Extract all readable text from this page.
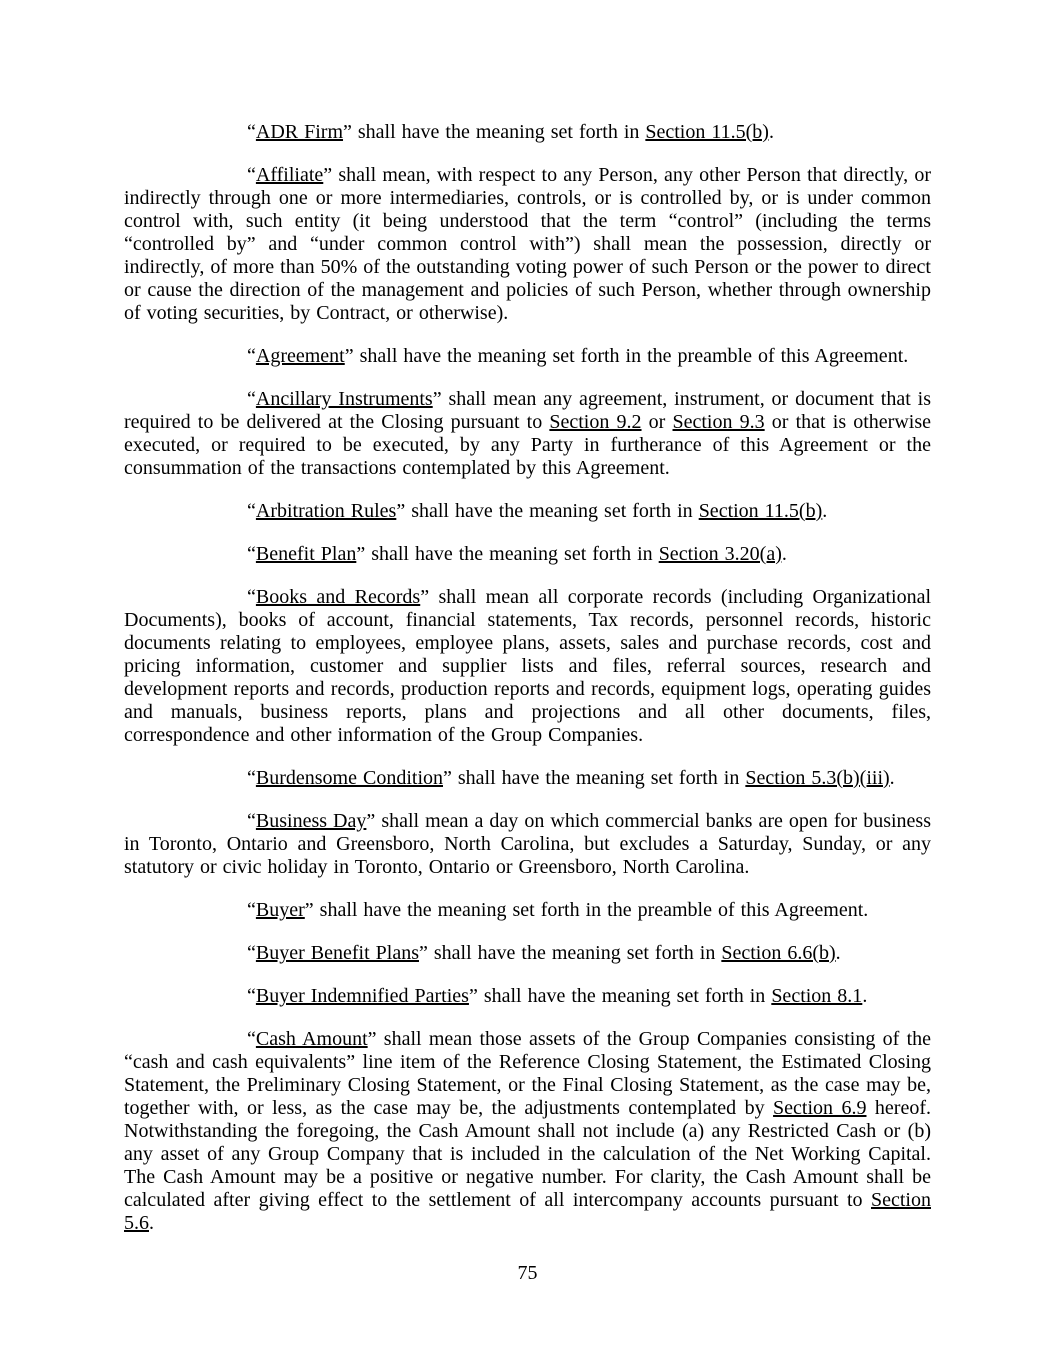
“ADR Firm” shall have the meaning set forth in Section 11.5(b).

“Affiliate” shall mean, with respect to any Person, any other Person that directly, or indirectly through one or more intermediaries, controls, or is controlled by, or is under common control with, such entity (it being understood that the term “control” (including the terms “controlled by” and “under common control with”) shall mean the possession, directly or indirectly, of more than 50% of the outstanding voting power of such Person or the power to direct or cause the direction of the management and policies of such Person, whether through ownership of voting securities, by Contract, or otherwise).

“Agreement” shall have the meaning set forth in the preamble of this Agreement.

“Ancillary Instruments” shall mean any agreement, instrument, or document that is required to be delivered at the Closing pursuant to Section 9.2 or Section 9.3 or that is otherwise executed, or required to be executed, by any Party in furtherance of this Agreement or the consummation of the transactions contemplated by this Agreement.

“Arbitration Rules” shall have the meaning set forth in Section 11.5(b).

“Benefit Plan” shall have the meaning set forth in Section 3.20(a).

“Books and Records” shall mean all corporate records (including Organizational Documents), books of account, financial statements, Tax records, personnel records, historic documents relating to employees, employee plans, assets, sales and purchase records, cost and pricing information, customer and supplier lists and files, referral sources, research and development reports and records, production reports and records, equipment logs, operating guides and manuals, business reports, plans and projections and all other documents, files, correspondence and other information of the Group Companies.

“Burdensome Condition” shall have the meaning set forth in Section 5.3(b)(iii).

“Business Day” shall mean a day on which commercial banks are open for business in Toronto, Ontario and Greensboro, North Carolina, but excludes a Saturday, Sunday, or any statutory or civic holiday in Toronto, Ontario or Greensboro, North Carolina.

“Buyer” shall have the meaning set forth in the preamble of this Agreement.

“Buyer Benefit Plans” shall have the meaning set forth in Section 6.6(b).

“Buyer Indemnified Parties” shall have the meaning set forth in Section 8.1.

“Cash Amount” shall mean those assets of the Group Companies consisting of the “cash and cash equivalents” line item of the Reference Closing Statement, the Estimated Closing Statement, the Preliminary Closing Statement, or the Final Closing Statement, as the case may be, together with, or less, as the case may be, the adjustments contemplated by Section 6.9 hereof. Notwithstanding the foregoing, the Cash Amount shall not include (a) any Restricted Cash or (b) any asset of any Group Company that is included in the calculation of the Net Working Capital. The Cash Amount may be a positive or negative number. For clarity, the Cash Amount shall be calculated after giving effect to the settlement of all intercompany accounts pursuant to Section 5.6.

75
